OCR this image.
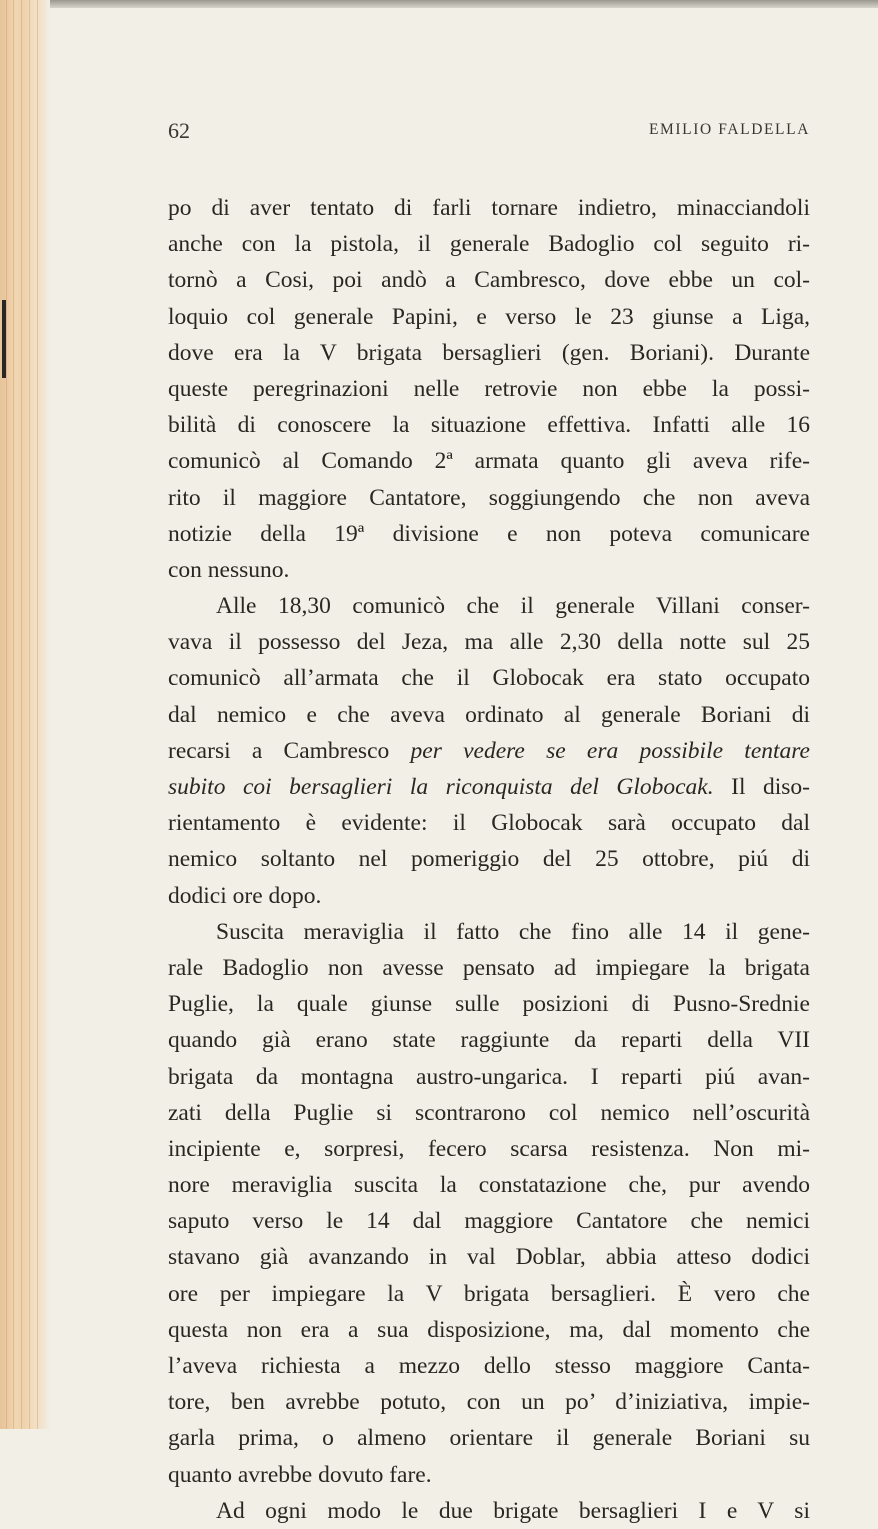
62	EMILIO FALDELLA
po di aver tentato di farli tornare indietro, minacciandoli
anche con la pistola, il generale Badoglio col seguito ri-
tornò a Cosi, poi andò a Cambresco, dove ebbe un col-
loquio col generale Papini, e verso le 23 giunse a Liga,
dove era la V brigata bersaglieri (gen. Boriani). Durante
queste peregrinazioni nelle retrovie non ebbe la possi-
bilità di conoscere la situazione effettiva. Infatti alle 16
comunicò al Comando 2ª armata quanto gli aveva rife-
rito il maggiore Cantatore, soggiungendo che non aveva
notizie della 19ª divisione e non poteva comunicare
con nessuno.
Alle 18,30 comunicò che il generale Villani conser-
vava il possesso del Jeza, ma alle 2,30 della notte sul 25
comunicò all’armata che il Globocak era stato occupato
dal nemico e che aveva ordinato al generale Boriani di
recarsi a Cambresco per vedere se era possibile tentare
subito coi bersaglieri la riconquista del Globocak. Il diso-
rientamento è evidente: il Globocak sarà occupato dal
nemico soltanto nel pomeriggio del 25 ottobre, piú di
dodici ore dopo.
Suscita meraviglia il fatto che fino alle 14 il gene-
rale Badoglio non avesse pensato ad impiegare la brigata
Puglie, la quale giunse sulle posizioni di Pusno-Srednie
quando già erano state raggiunte da reparti della VII
brigata da montagna austro-ungarica. I reparti piú avan-
zati della Puglie si scontrarono col nemico nell’oscurità
incipiente e, sorpresi, fecero scarsa resistenza. Non mi-
nore meraviglia suscita la constatazione che, pur avendo
saputo verso le 14 dal maggiore Cantatore che nemici
stavano già avanzando in val Doblar, abbia atteso dodici
ore per impiegare la V brigata bersaglieri. È vero che
questa non era a sua disposizione, ma, dal momento che
l’aveva richiesta a mezzo dello stesso maggiore Canta-
tore, ben avrebbe potuto, con un po’ d’iniziativa, impie-
garla prima, o almeno orientare il generale Boriani su
quanto avrebbe dovuto fare.
Ad ogni modo le due brigate bersaglieri I e V si
